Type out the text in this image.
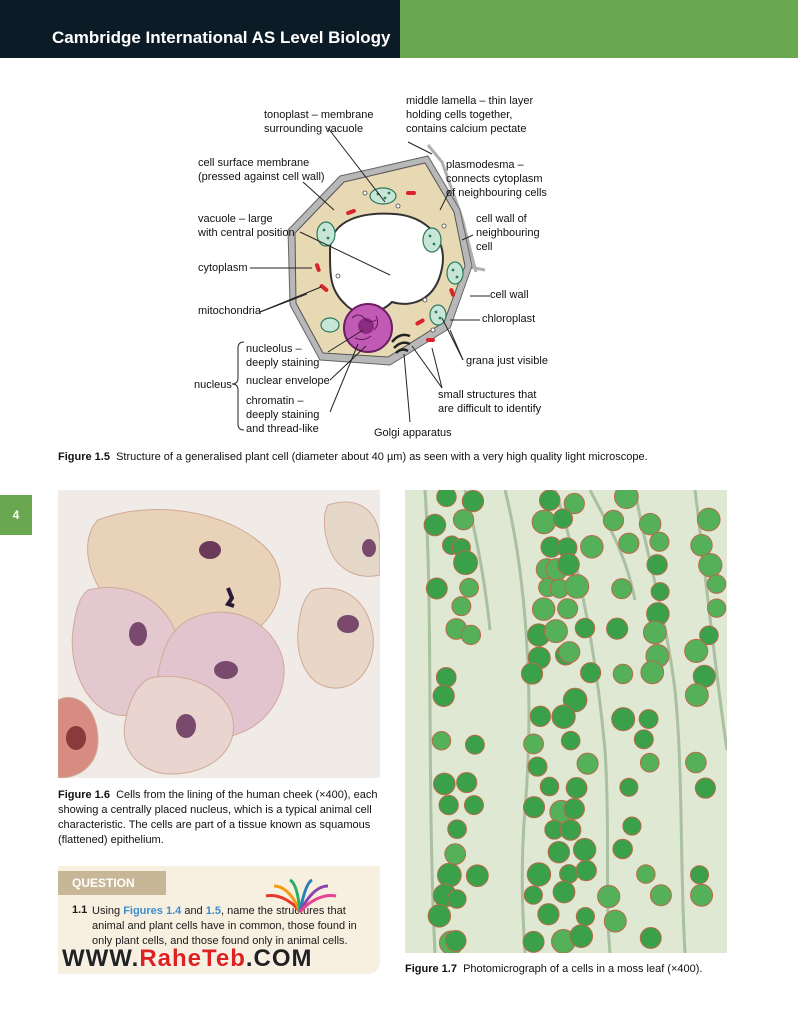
Cambridge International AS Level Biology
4
tonoplast – membrane
surrounding vacuole
middle lamella – thin layer
holding cells together,
contains calcium pectate
cell surface membrane
(pressed against cell wall)
plasmodesma –
connects cytoplasm
of neighbouring cells
vacuole – large
with central position
cell wall of
neighbouring
cell
cytoplasm
cell wall
mitochondria
chloroplast
nucleolus –
deeply staining	grana just visible
nuclear envelope
nucleus
small structures that
are difficult to identify
chromatin –
deeply staining
and thread-like	Golgi apparatus
Figure 1.5 Structure of a generalised plant cell (diameter about 40 µm) as seen with a very high quality light microscope.
Figure 1.6 Cells from the lining of the human cheek (×400), each showing a centrally placed nucleus, which is a typical animal cell characteristic. The cells are part of a tissue known as squamous (flattened) epithelium.
Figure 1.7 Photomicrograph of a cells in a moss leaf (×400).
QUESTION
1.1 Using Figures 1.4 and 1.5, name the structures that animal and plant cells have in common, those found in only plant cells, and those found only in animal cells.
WWW.RaheTeb.COM
